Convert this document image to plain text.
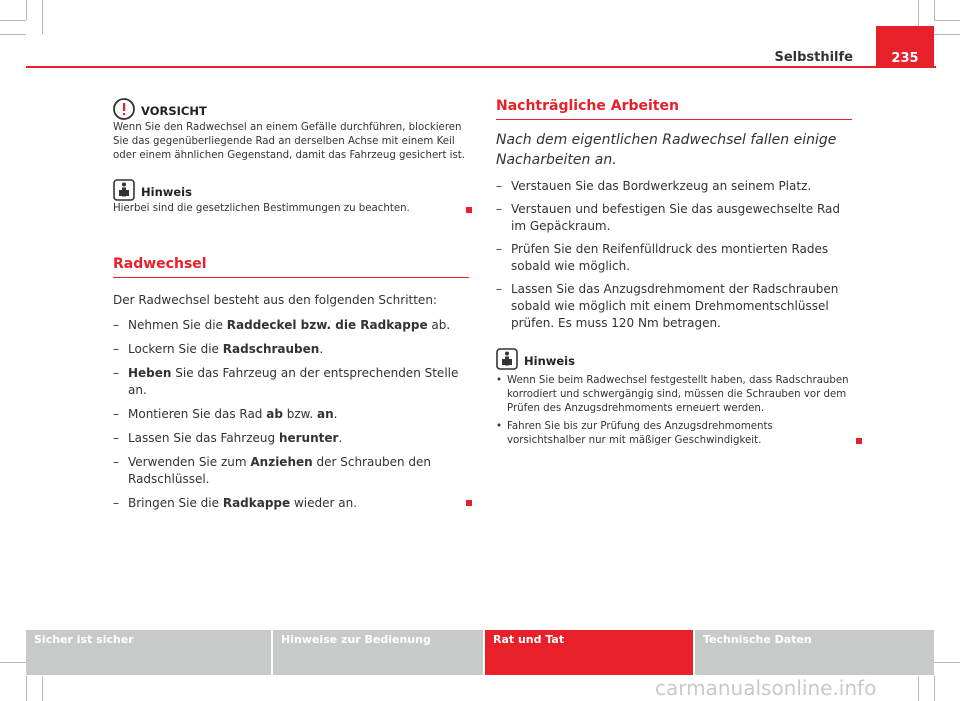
Selbsthilfe	235
VORSICHT
Wenn Sie den Radwechsel an einem Gefälle durchführen, blockieren Sie das gegenüberliegende Rad an derselben Achse mit einem Keil oder einem ähnlichen Gegenstand, damit das Fahrzeug gesichert ist.
Hinweis
Hierbei sind die gesetzlichen Bestimmungen zu beachten.
Radwechsel
Der Radwechsel besteht aus den folgenden Schritten:
– Nehmen Sie die Raddeckel bzw. die Radkappe ab.
– Lockern Sie die Radschrauben.
– Heben Sie das Fahrzeug an der entsprechenden Stelle an.
– Montieren Sie das Rad ab bzw. an.
– Lassen Sie das Fahrzeug herunter.
– Verwenden Sie zum Anziehen der Schrauben den Radschlüssel.
– Bringen Sie die Radkappe wieder an.
Nachträgliche Arbeiten
Nach dem eigentlichen Radwechsel fallen einige Nacharbeiten an.
– Verstauen Sie das Bordwerkzeug an seinem Platz.
– Verstauen und befestigen Sie das ausgewechselte Rad im Gepäckraum.
– Prüfen Sie den Reifenfülldruck des montierten Rades sobald wie möglich.
– Lassen Sie das Anzugsdrehmoment der Radschrauben sobald wie möglich mit einem Drehmomentschlüssel prüfen. Es muss 120 Nm betragen.
Hinweis
• Wenn Sie beim Radwechsel festgestellt haben, dass Radschrauben korrodiert und schwergängig sind, müssen die Schrauben vor dem Prüfen des Anzugsdrehmoments erneuert werden.
• Fahren Sie bis zur Prüfung des Anzugsdrehmoments vorsichtshalber nur mit mäßiger Geschwindigkeit.
Sicher ist sicher	Hinweise zur Bedienung	Rat und Tat	Technische Daten
carmanualsonline.info
